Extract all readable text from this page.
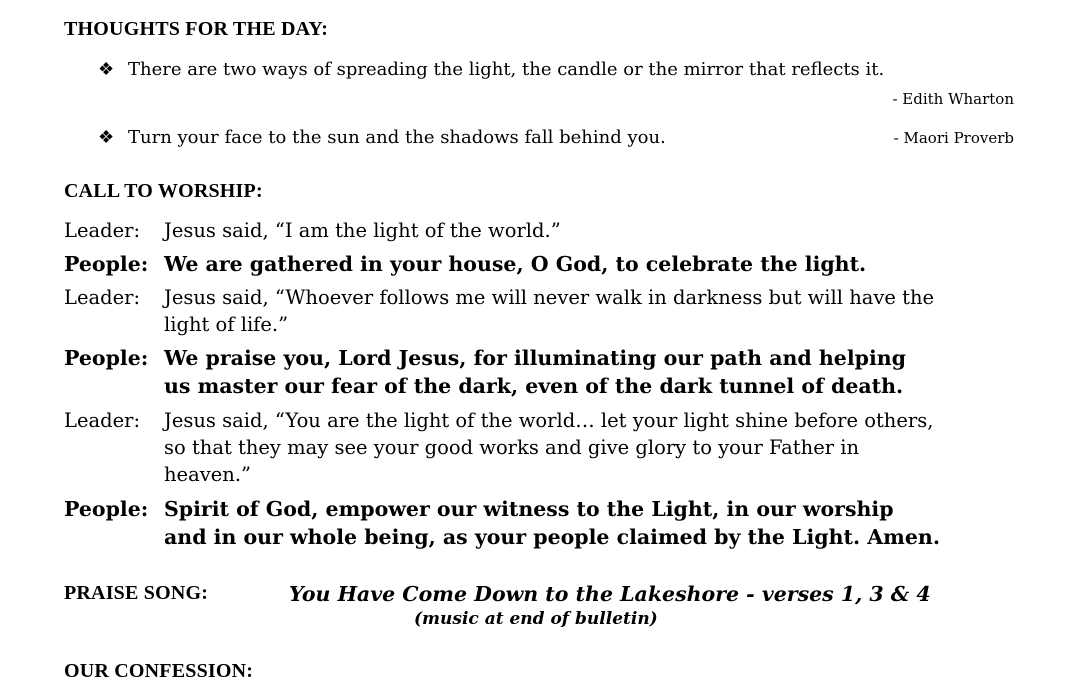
THOUGHTS FOR THE DAY:
❖ There are two ways of spreading the light, the candle or the mirror that reflects it.
- Edith Wharton
❖ Turn your face to the sun and the shadows fall behind you.	- Maori Proverb
CALL TO WORSHIP:
Leader: Jesus said, “I am the light of the world.”
People: We are gathered in your house, O God, to celebrate the light.
Leader: Jesus said, “Whoever follows me will never walk in darkness but will have the
light of life.”
People: We praise you, Lord Jesus, for illuminating our path and helping
us master our fear of the dark, even of the dark tunnel of death.
Leader: Jesus said, “You are the light of the world… let your light shine before others,
so that they may see your good works and give glory to your Father in
heaven.”
People: Spirit of God, empower our witness to the Light, in our worship
and in our whole being, as your people claimed by the Light. Amen.
PRAISE SONG:	You Have Come Down to the Lakeshore - verses 1, 3 & 4
(music at end of bulletin)
OUR CONFESSION:
